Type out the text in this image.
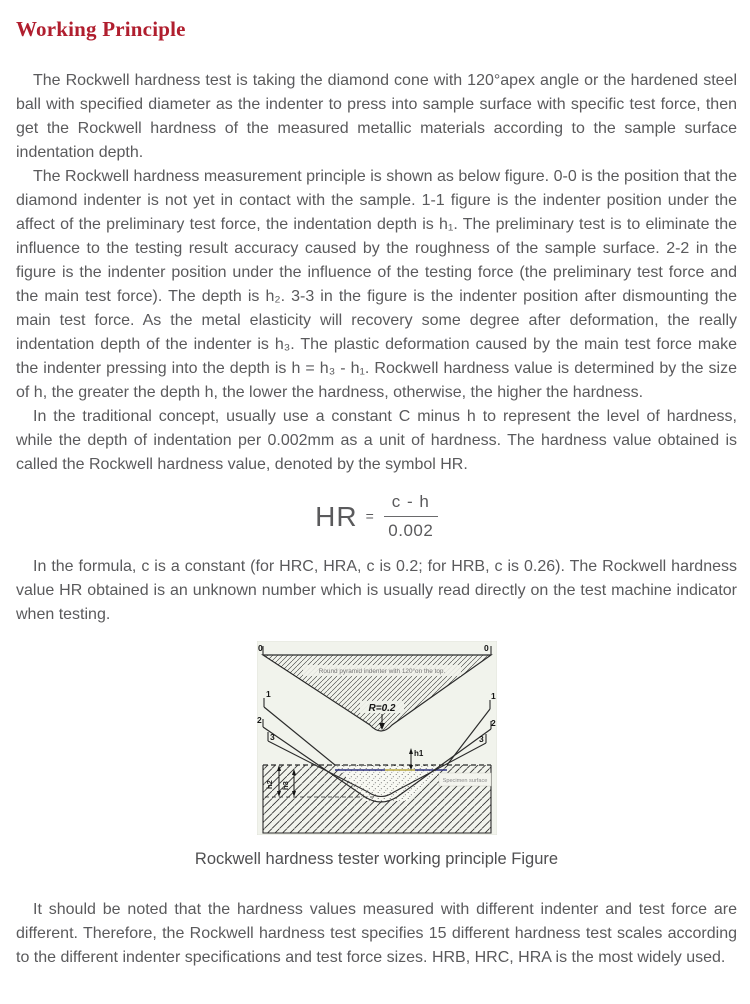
Working Principle

The Rockwell hardness test is taking the diamond cone with 120°apex angle or the hardened steel ball with specified diameter as the indenter to press into sample surface with specific test force, then get the Rockwell hardness of the measured metallic materials according to the sample surface indentation depth.

The Rockwell hardness measurement principle is shown as below figure. 0-0 is the position that the diamond indenter is not yet in contact with the sample. 1-1 figure is the indenter position under the affect of the preliminary test force, the indentation depth is h₁. The preliminary test is to eliminate the influence to the testing result accuracy caused by the roughness of the sample surface. 2-2 in the figure is the indenter position under the influence of the testing force (the preliminary test force and the main test force). The depth is h₂. 3-3 in the figure is the indenter position after dismounting the main test force. As the metal elasticity will recovery some degree after deformation, the really indentation depth of the indenter is h₃. The plastic deformation caused by the main test force make the indenter pressing into the depth is h = h₃ - h₁. Rockwell hardness value is determined by the size of h, the greater the depth h, the lower the hardness, otherwise, the higher the hardness.

In the traditional concept, usually use a constant C minus h to represent the level of hardness, while the depth of indentation per 0.002mm as a unit of hardness. The hardness value obtained is called the Rockwell hardness value, denoted by the symbol HR.

HR = $\frac{c - h}{0.002}$

In the formula, c is a constant (for HRC, HRA, c is 0.2; for HRB, c is 0.26). The Rockwell hardness value HR obtained is an unknown number which is usually read directly on the test machine indicator when testing.

Round pyramid indenter with 120°on the top.
R=0.2
0	0
1	1
2	2
3	3
h1
h2 h3
Specimen surface
Rockwell hardness tester working principle Figure

It should be noted that the hardness values measured with different indenter and test force are different. Therefore, the Rockwell hardness test specifies 15 different hardness test scales according to the different indenter specifications and test force sizes. HRB, HRC, HRA is the most widely used.
